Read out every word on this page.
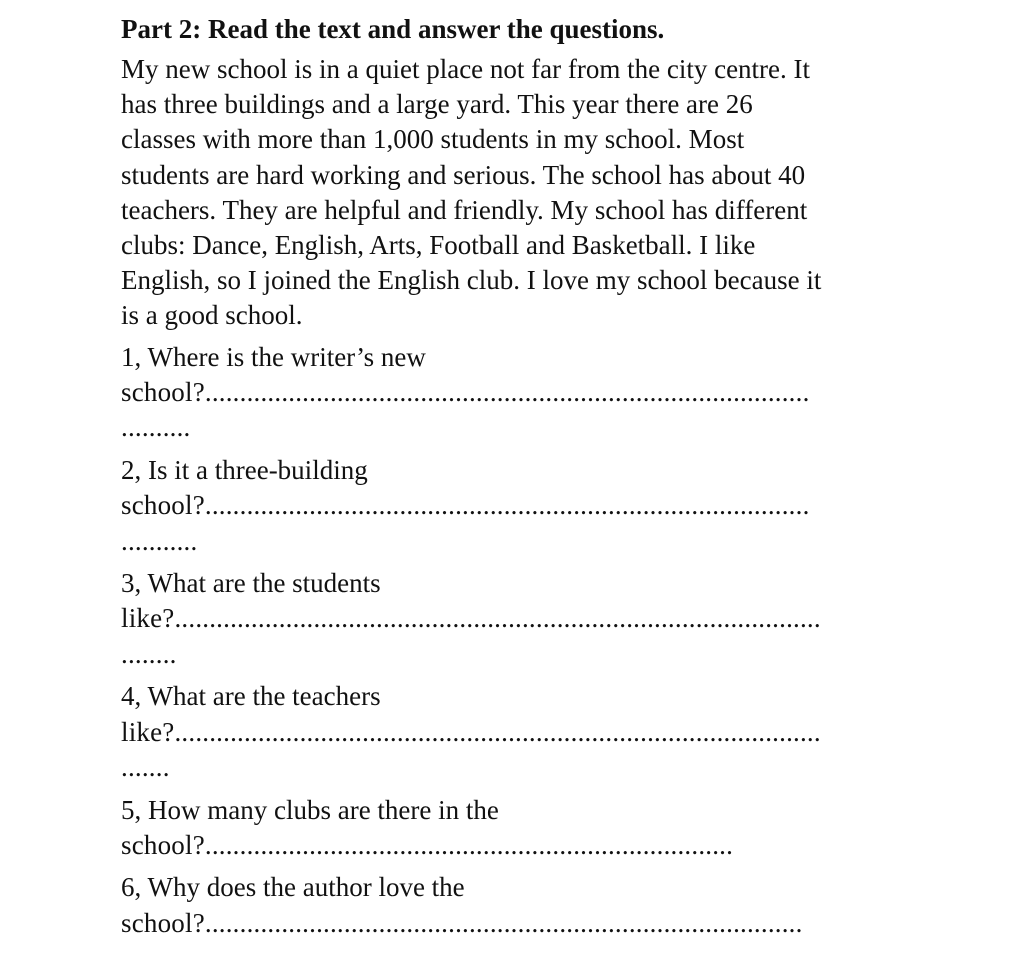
Part 2: Read the text and answer the questions.
My new school is in a quiet place not far from the city centre. It
has three buildings and a large yard. This year there are 26
classes with more than 1,000 students in my school. Most
students are hard working and serious. The school has about 40
teachers. They are helpful and friendly. My school has different
clubs: Dance, English, Arts, Football and Basketball. I like
English, so I joined the English club. I love my school because it
is a good school.
1, Where is the writer’s new
school?.......................................................................................
..........
2, Is it a three-building
school?.......................................................................................
...........
3, What are the students
like?.............................................................................................
........
4, What are the teachers
like?.............................................................................................
.......
5, How many clubs are there in the
school?............................................................................
6, Why does the author love the
school?......................................................................................
